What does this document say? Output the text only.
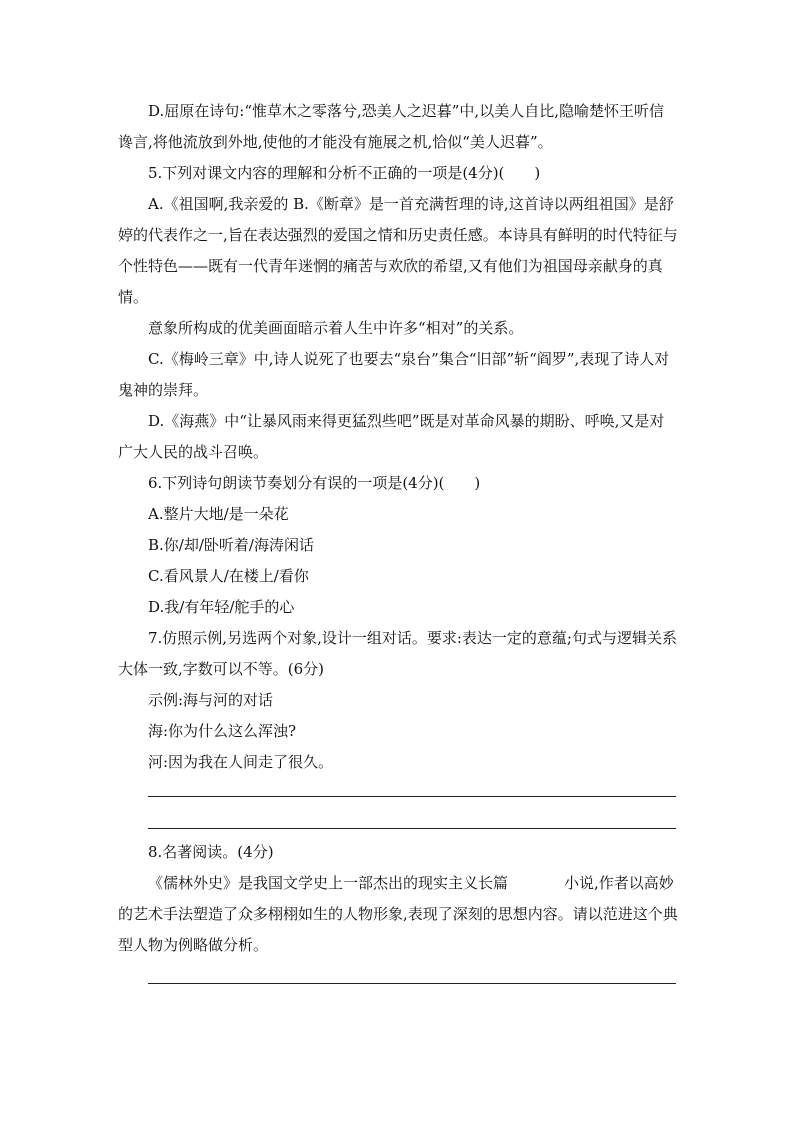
D.屈原在诗句:“惟草木之零落兮,恐美人之迟暮”中,以美人自比,隐喻楚怀王听信谗言,将他流放到外地,使他的才能没有施展之机,恰似“美人迟暮”。

5.下列对课文内容的理解和分析不正确的一项是(4分)(　　)

A.《祖国啊,我亲爱的 B.《断章》是一首充满哲理的诗,这首诗以两组祖国》是舒婷的代表作之一,旨在表达强烈的爱国之情和历史责任感。本诗具有鲜明的时代特征与个性特色——既有一代青年迷惘的痛苦与欢欣的希望,又有他们为祖国母亲献身的真情。

意象所构成的优美画面暗示着人生中许多“相对”的关系。

C.《梅岭三章》中,诗人说死了也要去“泉台”集合“旧部”斩“阎罗”,表现了诗人对鬼神的崇拜。

D.《海燕》中“让暴风雨来得更猛烈些吧”既是对革命风暴的期盼、呼唤,又是对广大人民的战斗召唤。

6.下列诗句朗读节奏划分有误的一项是(4分)(　　)

A.整片大地/是一朵花

B.你/却/卧听着/海涛闲话

C.看风景人/在楼上/看你

D.我/有年轻/舵手的心

7.仿照示例,另选两个对象,设计一组对话。要求:表达一定的意蕴;句式与逻辑关系大体一致,字数可以不等。(6分)

示例:海与河的对话

海:你为什么这么浑浊?

河:因为我在人间走了很久。

8.名著阅读。(4分)

《儒林外史》是我国文学史上一部杰出的现实主义长篇	小说,作者以高妙的艺术手法塑造了众多栩栩如生的人物形象,表现了深刻的思想内容。请以范进这个典型人物为例略做分析。
